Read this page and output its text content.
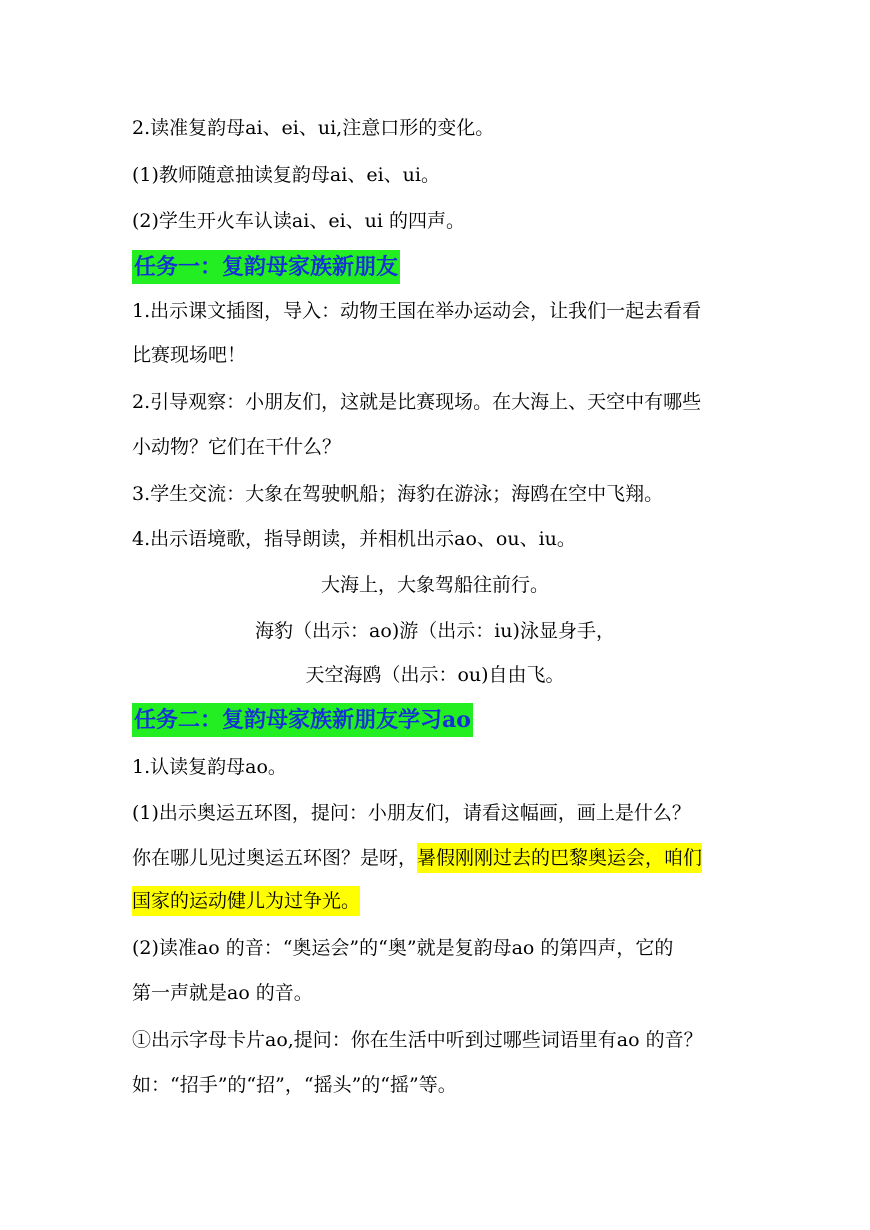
2.读准复韵母ai、ei、ui,注意口形的变化。
(1)教师随意抽读复韵母ai、ei、ui。
(2)学生开火车认读ai、ei、ui 的四声。
任务一：复韵母家族新朋友
1.出示课文插图，导入：动物王国在举办运动会，让我们一起去看看
比赛现场吧！
2.引导观察：小朋友们，这就是比赛现场。在大海上、天空中有哪些
小动物？它们在干什么？
3.学生交流：大象在驾驶帆船；海豹在游泳；海鸥在空中飞翔。
4.出示语境歌，指导朗读，并相机出示ao、ou、iu。
大海上，大象驾船往前行。
海豹（出示：ao)游（出示：iu)泳显身手，
天空海鸥（出示：ou)自由飞。
任务二：复韵母家族新朋友学习ao
1.认读复韵母ao。
(1)出示奥运五环图，提问：小朋友们，请看这幅画，画上是什么？
你在哪儿见过奥运五环图？是呀，暑假刚刚过去的巴黎奥运会，咱们
国家的运动健儿为过争光。
(2)读准ao 的音：“奥运会”的“奥”就是复韵母ao 的第四声，它的
第一声就是ao 的音。
①出示字母卡片ao,提问：你在生活中听到过哪些词语里有ao 的音？
如：“招手”的“招”，“摇头”的“摇”等。
